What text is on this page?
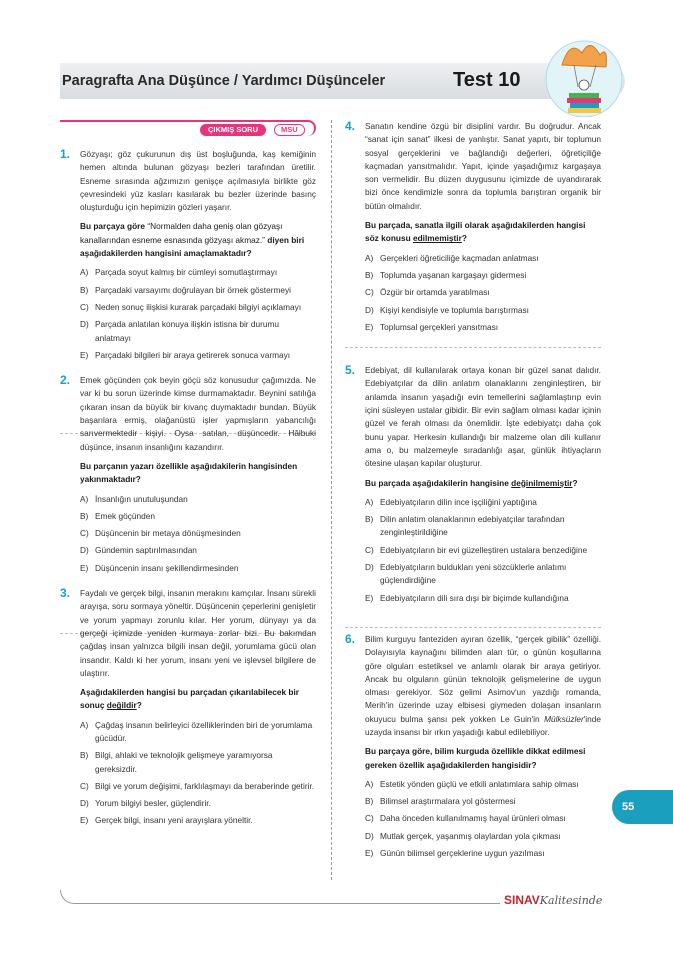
Paragrafta Ana Düşünce / Yardımcı Düşünceler	Test 10
ÇIKMIŞ SORU	MSÜ
1. Gözyaşı; göz çukurunun dış üst boşluğunda, kaş kemiğinin hemen altında bulunan gözyaşı bezleri tarafından üretilir. Esneme sırasında ağzımızın genişçe açılmasıyla birlikte göz çevresindeki yüz kasları kasılarak bu bezler üzerinde basınç oluşturduğu için hepimizin gözleri yaşarır.
Bu parçaya göre “Normalden daha geniş olan gözyaşı kanallarından esneme esnasında gözyaşı akmaz.” diyen biri aşağıdakilerden hangisini amaçlamaktadır?
A) Parçada soyut kalmış bir cümleyi somutlaştırmayı
B) Parçadaki varsayımı doğrulayan bir örnek göstermeyi
C) Neden sonuç ilişkisi kurarak parçadaki bilgiyi açıklamayı
D) Parçada anlatılan konuya ilişkin istisna bir durumu anlatmayı
E) Parçadaki bilgileri bir araya getirerek sonuca varmayı
2. Emek göçünden çok beyin göçü söz konusudur çağımızda. Ne var ki bu sorun üzerinde kimse durmamaktadır. Beynini satılığa çıkaran insan da büyük bir kıvanç duymaktadır bundan. Büyük başarılara ermiş, olağanüstü işler yapmışların yabancılığı sarıvermektedir kişiyi. Oysa satılan, düşüncedir. Hâlbuki düşünce, insanın insanlığını kazandırır.
Bu parçanın yazarı özellikle aşağıdakilerin hangisinden yakınmaktadır?
A) İnsanlığın unutuluşundan
B) Emek göçünden
C) Düşüncenin bir metaya dönüşmesinden
D) Gündemin saptırılmasından
E) Düşüncenin insanı şekillendirmesinden
3. Faydalı ve gerçek bilgi, insanın merakını kamçılar. İnsanı sürekli arayışa, soru sormaya yöneltir. Düşüncenin çeperlerini genişletir ve yorum yapmayı zorunlu kılar. Her yorum, dünyayı ya da gerçeği içimizde yeniden kurmaya zorlar bizi. Bu bakımdan çağdaş insan yalnızca bilgili insan değil, yorumlama gücü olan insandır. Kaldı ki her yorum, insanı yeni ve işlevsel bilgilere de ulaştırır.
Aşağıdakilerden hangisi bu parçadan çıkarılabilecek bir sonuç değildir?
A) Çağdaş insanın belirleyici özelliklerinden biri de yorumlama gücüdür.
B) Bilgi, ahlaki ve teknolojik gelişmeye yaramıyorsa gereksizdir.
C) Bilgi ve yorum değişimi, farklılaşmayı da beraberinde getirir.
D) Yorum bilgiyi besler, güçlendirir.
E) Gerçek bilgi, insanı yeni arayışlara yöneltir.
4. Sanatın kendine özgü bir disiplini vardır. Bu doğrudur. Ancak “sanat için sanat” ilkesi de yanlıştır. Sanat yapıtı, bir toplumun sosyal gerçeklerini ve bağlandığı değerleri, öğretiçiliğe kaçmadan yansıtmalıdır. Yapıt, içinde yaşadığımız kargaşaya son vermelidir. Bu düzen duygusunu içimizde de uyandırarak bizi önce kendimizle sonra da toplumla barıştıran organik bir bütün olmalıdır.
Bu parçada, sanatla ilgili olarak aşağıdakilerden hangisi söz konusu edilmemiştir?
A) Gerçekleri öğreticiliğe kaçmadan anlatması
B) Toplumda yaşanan kargaşayı gidermesi
C) Özgür bir ortamda yaratılması
D) Kişiyi kendisiyle ve toplumla barıştırması
E) Toplumsal gerçekleri yansıtması
5. Edebiyat, dil kullanılarak ortaya konan bir güzel sanat dalıdır. Edebiyatçılar da dilin anlatım olanaklarını zenginleştiren, bir anlamda insanın yaşadığı evin temellerini sağlamlaştırıp evin içini süsleyen ustalar gibidir. Bir evin sağlam olması kadar içinin güzel ve ferah olması da önemlidir. İşte edebiyatçı daha çok bunu yapar. Herkesin kullandığı bir malzeme olan dili kullanır ama o, bu malzemeyle sıradanlığı aşar, günlük ihtiyaçların ötesine ulaşan kapılar oluşturur.
Bu parçada aşağıdakilerin hangisine değinilmemiştir?
A) Edebiyatçıların dilin ince işçiliğini yaptığına
B) Dilin anlatım olanaklarının edebiyatçılar tarafından zenginleştirildiğine
C) Edebiyatçıların bir evi güzelleştiren ustalara benzediğine
D) Edebiyatçıların buldukları yeni sözcüklerle anlatımı güçlendirdiğine
E) Edebiyatçıların dili sıra dışı bir biçimde kullandığına
6. Bilim kurguyu fanteziden ayıran özellik, “gerçek gibilik” özelliği. Dolayısıyla kaynağını bilimden alan tür, o günün koşullarına göre olguları estetiksel ve anlamlı olarak bir araya getiriyor. Ancak bu olguların günün teknolojik gelişmelerine de uygun olması gerekiyor. Söz gelimi Asimov'un yazdığı romanda, Merih'in üzerinde uzay elbisesi giymeden dolaşan insanların okuyucu bulma şansı pek yokken Le Guin'in Mülksüzler'inde uzayda insansı bir ırkın yaşadığı kabul edilebiliyor.
Bu parçaya göre, bilim kurguda özellikle dikkat edilmesi gereken özellik aşağıdakilerden hangisidir?
A) Estetik yönden güçlü ve etkili anlatımlara sahip olması
B) Bilimsel araştırmalara yol göstermesi
C) Daha önceden kullanılmamış hayal ürünleri olması
D) Mutlak gerçek, yaşanmış olaylardan yola çıkması
E) Günün bilimsel gerçeklerine uygun yazılması
55
SINAVKalitesinde
